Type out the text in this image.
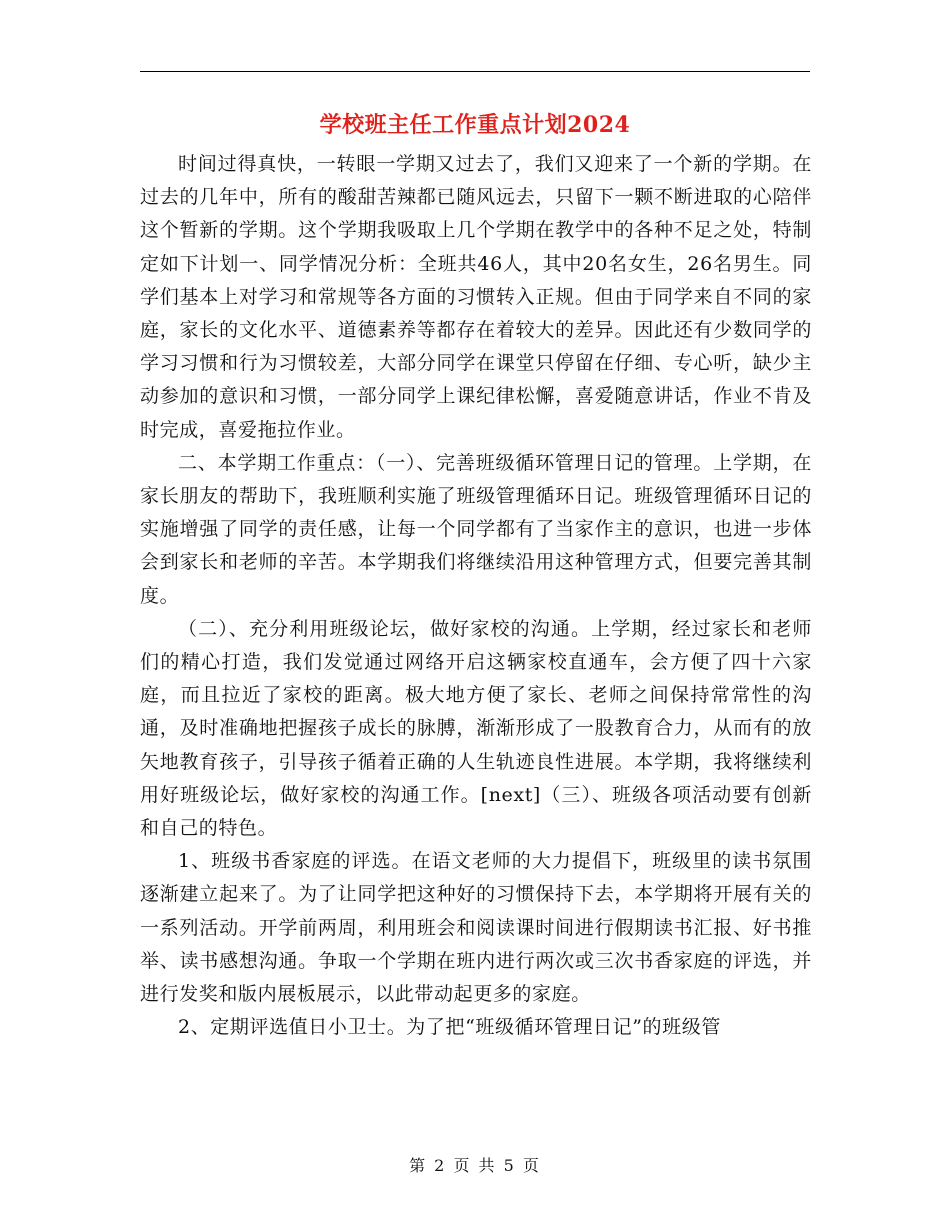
学校班主任工作重点计划2024

时间过得真快，一转眼一学期又过去了，我们又迎来了一个新的学期。在过去的几年中，所有的酸甜苦辣都已随风远去，只留下一颗不断进取的心陪伴这个暂新的学期。这个学期我吸取上几个学期在教学中的各种不足之处，特制定如下计划一、同学情况分析：全班共46人，其中20名女生，26名男生。同学们基本上对学习和常规等各方面的习惯转入正规。但由于同学来自不同的家庭，家长的文化水平、道德素养等都存在着较大的差异。因此还有少数同学的学习习惯和行为习惯较差，大部分同学在课堂只停留在仔细、专心听，缺少主动参加的意识和习惯，一部分同学上课纪律松懈，喜爱随意讲话，作业不肯及时完成，喜爱拖拉作业。

二、本学期工作重点：（一）、完善班级循环管理日记的管理。上学期，在家长朋友的帮助下，我班顺利实施了班级管理循环日记。班级管理循环日记的实施增强了同学的责任感，让每一个同学都有了当家作主的意识，也进一步体会到家长和老师的辛苦。本学期我们将继续沿用这种管理方式，但要完善其制度。

（二）、充分利用班级论坛，做好家校的沟通。上学期，经过家长和老师们的精心打造，我们发觉通过网络开启这辆家校直通车，会方便了四十六家庭，而且拉近了家校的距离。极大地方便了家长、老师之间保持常常性的沟通，及时准确地把握孩子成长的脉膊，渐渐形成了一股教育合力，从而有的放矢地教育孩子，引导孩子循着正确的人生轨迹良性进展。本学期，我将继续利用好班级论坛，做好家校的沟通工作。[next]（三）、班级各项活动要有创新和自己的特色。

1、班级书香家庭的评选。在语文老师的大力提倡下，班级里的读书氛围逐渐建立起来了。为了让同学把这种好的习惯保持下去，本学期将开展有关的一系列活动。开学前两周，利用班会和阅读课时间进行假期读书汇报、好书推举、读书感想沟通。争取一个学期在班内进行两次或三次书香家庭的评选，并进行发奖和版内展板展示，以此带动起更多的家庭。

2、定期评选值日小卫士。为了把“班级循环管理日记”的班级管

第 2 页 共 5 页
